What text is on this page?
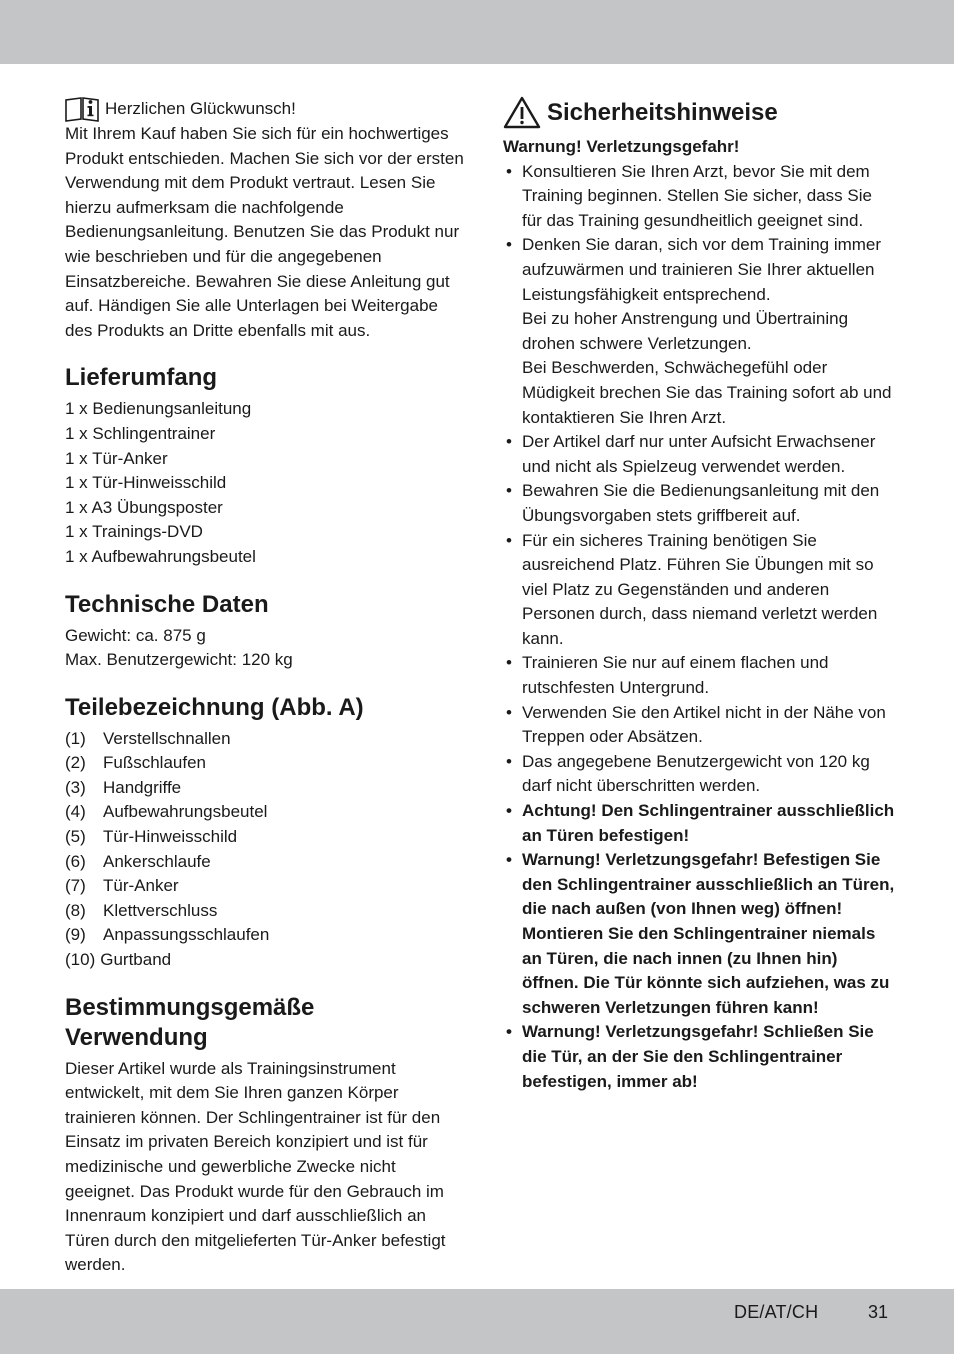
Herzlichen Glückwunsch!

Mit Ihrem Kauf haben Sie sich für ein hochwertiges Produkt entschieden. Machen Sie sich vor der ersten Verwendung mit dem Produkt vertraut. Lesen Sie hierzu aufmerksam die nachfolgende Bedienungsanleitung. Benutzen Sie das Produkt nur wie beschrieben und für die angegebenen Einsatzbereiche. Bewahren Sie diese Anleitung gut auf. Händigen Sie alle Unterlagen bei Weitergabe des Produkts an Dritte ebenfalls mit aus.

Lieferumfang
1 x Bedienungsanleitung
1 x Schlingentrainer
1 x Tür-Anker
1 x Tür-Hinweisschild
1 x A3 Übungsposter
1 x Trainings-DVD
1 x Aufbewahrungsbeutel
Technische Daten

Gewicht: ca. 875 g

Max. Benutzergewicht: 120 kg

Teilebezeichnung (Abb. A)
(1)	Verstellschnallen
(2)	Fußschlaufen
(3)	Handgriffe
(4)	Aufbewahrungsbeutel
(5)	Tür-Hinweisschild
(6)	Ankerschlaufe
(7)	Tür-Anker
(8)	Klettverschluss
(9)	Anpassungsschlaufen
(10) Gurtband
Bestimmungsgemäße
Verwendung

Dieser Artikel wurde als Trainingsinstrument entwickelt, mit dem Sie Ihren ganzen Körper trainieren können. Der Schlingentrainer ist für den Einsatz im privaten Bereich konzipiert und ist für medizinische und gewerbliche Zwecke nicht geeignet. Das Produkt wurde für den Gebrauch im Innenraum konzipiert und darf ausschließlich an Türen durch den mitgelieferten Tür-Anker befestigt werden.

Sicherheitshinweise

Warnung! Verletzungsgefahr!

• Konsultieren Sie Ihren Arzt, bevor Sie mit dem Training beginnen. Stellen Sie sicher, dass Sie für das Training gesundheitlich geeignet sind.
• Denken Sie daran, sich vor dem Training immer aufzuwärmen und trainieren Sie Ihrer aktuellen Leistungsfähigkeit entsprechend.
Bei zu hoher Anstrengung und Übertraining drohen schwere Verletzungen.
Bei Beschwerden, Schwächegefühl oder Müdigkeit brechen Sie das Training sofort ab und kontaktieren Sie Ihren Arzt.
• Der Artikel darf nur unter Aufsicht Erwachsener und nicht als Spielzeug verwendet werden.
• Bewahren Sie die Bedienungsanleitung mit den Übungsvorgaben stets griffbereit auf.
• Für ein sicheres Training benötigen Sie ausreichend Platz. Führen Sie Übungen mit so viel Platz zu Gegenständen und anderen Personen durch, dass niemand verletzt werden kann.
• Trainieren Sie nur auf einem flachen und rutschfesten Untergrund.
• Verwenden Sie den Artikel nicht in der Nähe von Treppen oder Absätzen.
• Das angegebene Benutzergewicht von 120 kg darf nicht überschritten werden.
• Achtung! Den Schlingentrainer ausschließlich an Türen befestigen!
• Warnung! Verletzungsgefahr! Befestigen Sie den Schlingentrainer ausschließlich an Türen, die nach außen (von Ihnen weg) öffnen! Montieren Sie den Schlingentrainer niemals an Türen, die nach innen (zu Ihnen hin) öffnen. Die Tür könnte sich aufziehen, was zu schweren Verletzungen führen kann!
• Warnung! Verletzungsgefahr! Schließen Sie die Tür, an der Sie den Schlingentrainer befestigen, immer ab!
DE/AT/CH	31
